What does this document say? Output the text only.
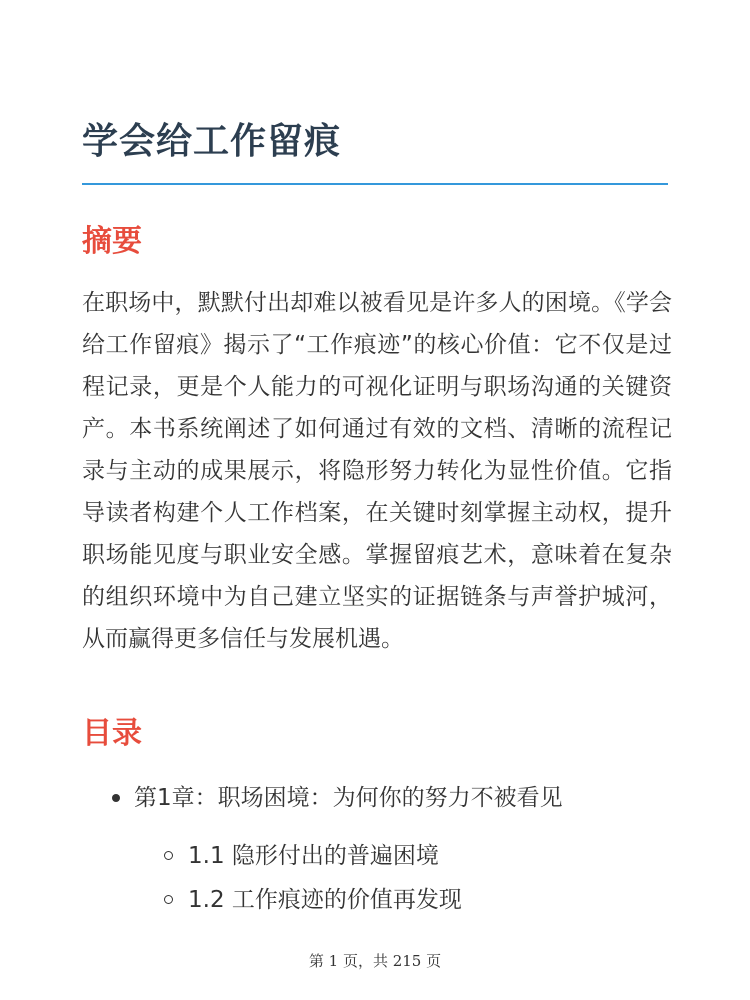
学会给工作留痕
摘要

在职场中，默默付出却难以被看见是许多人的困境。《学会给工作留痕》揭示了“工作痕迹”的核心价值：它不仅是过程记录，更是个人能力的可视化证明与职场沟通的关键资产。本书系统阐述了如何通过有效的文档、清晰的流程记录与主动的成果展示，将隐形努力转化为显性价值。它指导读者构建个人工作档案，在关键时刻掌握主动权，提升职场能见度与职业安全感。掌握留痕艺术，意味着在复杂的组织环境中为自己建立坚实的证据链条与声誉护城河，从而赢得更多信任与发展机遇。

目录
第1章：职场困境：为何你的努力不被看见
1.1 隐形付出的普遍困境
1.2 工作痕迹的价值再发现
第 1 页，共 215 页
